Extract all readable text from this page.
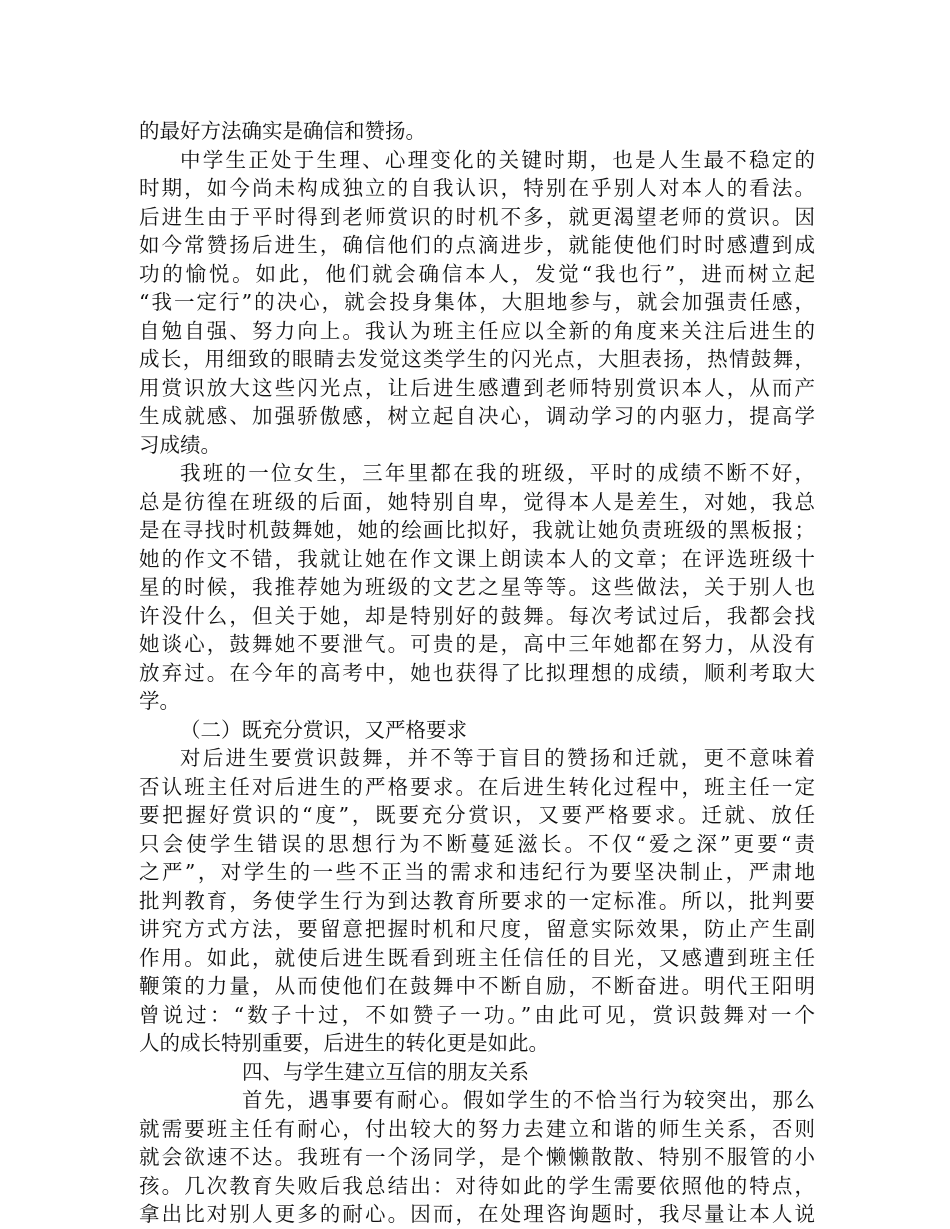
的最好方法确实是确信和赞扬。
中学生正处于生理、心理变化的关键时期，也是人生最不稳定的
时期，如今尚未构成独立的自我认识，特别在乎别人对本人的看法。
后进生由于平时得到老师赏识的时机不多，就更渴望老师的赏识。因
如今常赞扬后进生，确信他们的点滴进步，就能使他们时时感遭到成
功的愉悦。如此，他们就会确信本人，发觉“我也行”，进而树立起
“我一定行”的决心，就会投身集体，大胆地参与，就会加强责任感，
自勉自强、努力向上。我认为班主任应以全新的角度来关注后进生的
成长，用细致的眼睛去发觉这类学生的闪光点，大胆表扬，热情鼓舞，
用赏识放大这些闪光点，让后进生感遭到老师特别赏识本人，从而产
生成就感、加强骄傲感，树立起自决心，调动学习的内驱力，提高学
习成绩。
我班的一位女生，三年里都在我的班级，平时的成绩不断不好，
总是彷徨在班级的后面，她特别自卑，觉得本人是差生，对她，我总
是在寻找时机鼓舞她，她的绘画比拟好，我就让她负责班级的黑板报；
她的作文不错，我就让她在作文课上朗读本人的文章；在评选班级十
星的时候，我推荐她为班级的文艺之星等等。这些做法，关于别人也
许没什么，但关于她，却是特别好的鼓舞。每次考试过后，我都会找
她谈心，鼓舞她不要泄气。可贵的是，高中三年她都在努力，从没有
放弃过。在今年的高考中，她也获得了比拟理想的成绩，顺利考取大
学。
（二）既充分赏识，又严格要求
对后进生要赏识鼓舞，并不等于盲目的赞扬和迁就，更不意味着
否认班主任对后进生的严格要求。在后进生转化过程中，班主任一定
要把握好赏识的“度”，既要充分赏识，又要严格要求。迁就、放任
只会使学生错误的思想行为不断蔓延滋长。不仅“爱之深”更要“责
之严”，对学生的一些不正当的需求和违纪行为要坚决制止，严肃地
批判教育，务使学生行为到达教育所要求的一定标准。所以，批判要
讲究方式方法，要留意把握时机和尺度，留意实际效果，防止产生副
作用。如此，就使后进生既看到班主任信任的目光，又感遭到班主任
鞭策的力量，从而使他们在鼓舞中不断自励，不断奋进。明代王阳明
曾说过：“数子十过，不如赞子一功。”由此可见，赏识鼓舞对一个
人的成长特别重要，后进生的转化更是如此。
四、与学生建立互信的朋友关系
首先，遇事要有耐心。假如学生的不恰当行为较突出，那么
就需要班主任有耐心，付出较大的努力去建立和谐的师生关系，否则
就会欲速不达。我班有一个汤同学，是个懒懒散散、特别不服管的小
孩。几次教育失败后我总结出：对待如此的学生需要依照他的特点，
拿出比对别人更多的耐心。因而，在处理咨询题时，我尽量让本人说
